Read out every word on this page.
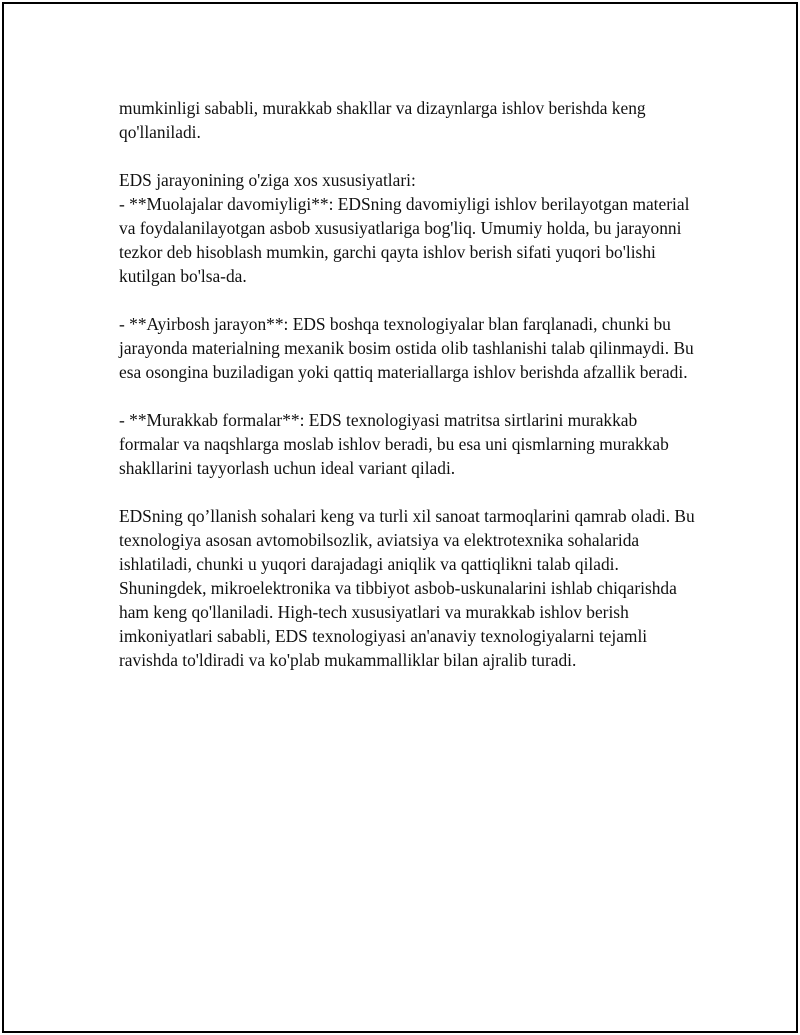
mumkinligi sababli, murakkab shakllar va dizaynlarga ishlov berishda keng qo'llaniladi.

EDS jarayonining o'ziga xos xususiyatlari:

- **Muolajalar davomiyligi**: EDSning davomiyligi ishlov berilayotgan material va foydalanilayotgan asbob xususiyatlariga bog'liq. Umumiy holda, bu jarayonni tezkor deb hisoblash mumkin, garchi qayta ishlov berish sifati yuqori bo'lishi kutilgan bo'lsa-da.

- **Ayirbosh jarayon**: EDS boshqa texnologiyalar blan farqlanadi, chunki bu jarayonda materialning mexanik bosim ostida olib tashlanishi talab qilinmaydi. Bu esa osongina buziladigan yoki qattiq materiallarga ishlov berishda afzallik beradi.

- **Murakkab formalar**: EDS texnologiyasi matritsa sirtlarini murakkab formalar va naqshlarga moslab ishlov beradi, bu esa uni qismlarning murakkab shakllarini tayyorlash uchun ideal variant qiladi.

EDSning qo’llanish sohalari keng va turli xil sanoat tarmoqlarini qamrab oladi. Bu texnologiya asosan avtomobilsozlik, aviatsiya va elektrotexnika sohalarida ishlatiladi, chunki u yuqori darajadagi aniqlik va qattiqlikni talab qiladi. Shuningdek, mikroelektronika va tibbiyot asbob-uskunalarini ishlab chiqarishda ham keng qo'llaniladi. High-tech xususiyatlari va murakkab ishlov berish imkoniyatlari sababli, EDS texnologiyasi an'anaviy texnologiyalarni tejamli ravishda to'ldiradi va ko'plab mukammalliklar bilan ajralib turadi.
